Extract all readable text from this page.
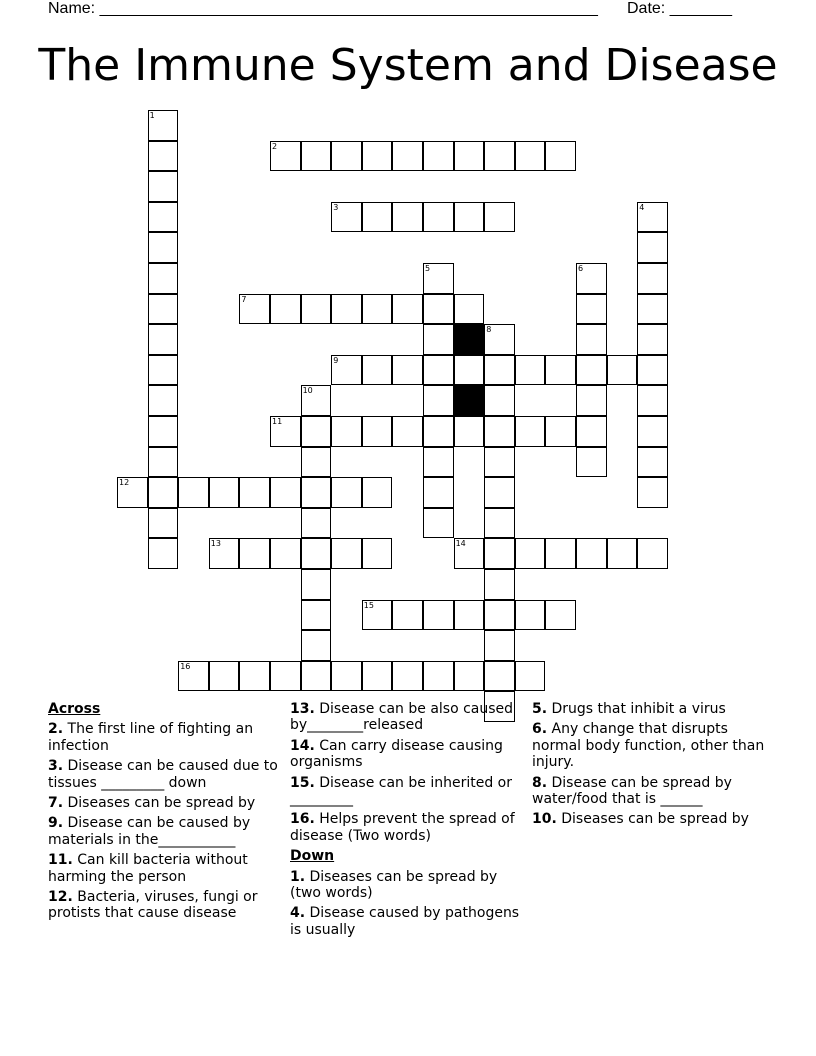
Name: ________________________________________________________

Date: _______

The Immune System and Disease
2
3
7
9
11
12
13	14
15
16
1
4
5	6
8
10
Across
2. The first line of fighting an infection
3. Disease can be caused due to tissues _________ down
7. Diseases can be spread by
9. Disease can be caused by materials in the___________
11. Can kill bacteria without harming the person
12. Bacteria, viruses, fungi or protists that cause disease
13. Disease can be also caused by________released
14. Can carry disease causing organisms
15. Disease can be inherited or _________
16. Helps prevent the spread of disease (Two words)
Down
1. Diseases can be spread by (two words)
4. Disease caused by pathogens is usually
5. Drugs that inhibit a virus
6. Any change that disrupts normal body function, other than injury.
8. Disease can be spread by water/food that is ______
10. Diseases can be spread by
